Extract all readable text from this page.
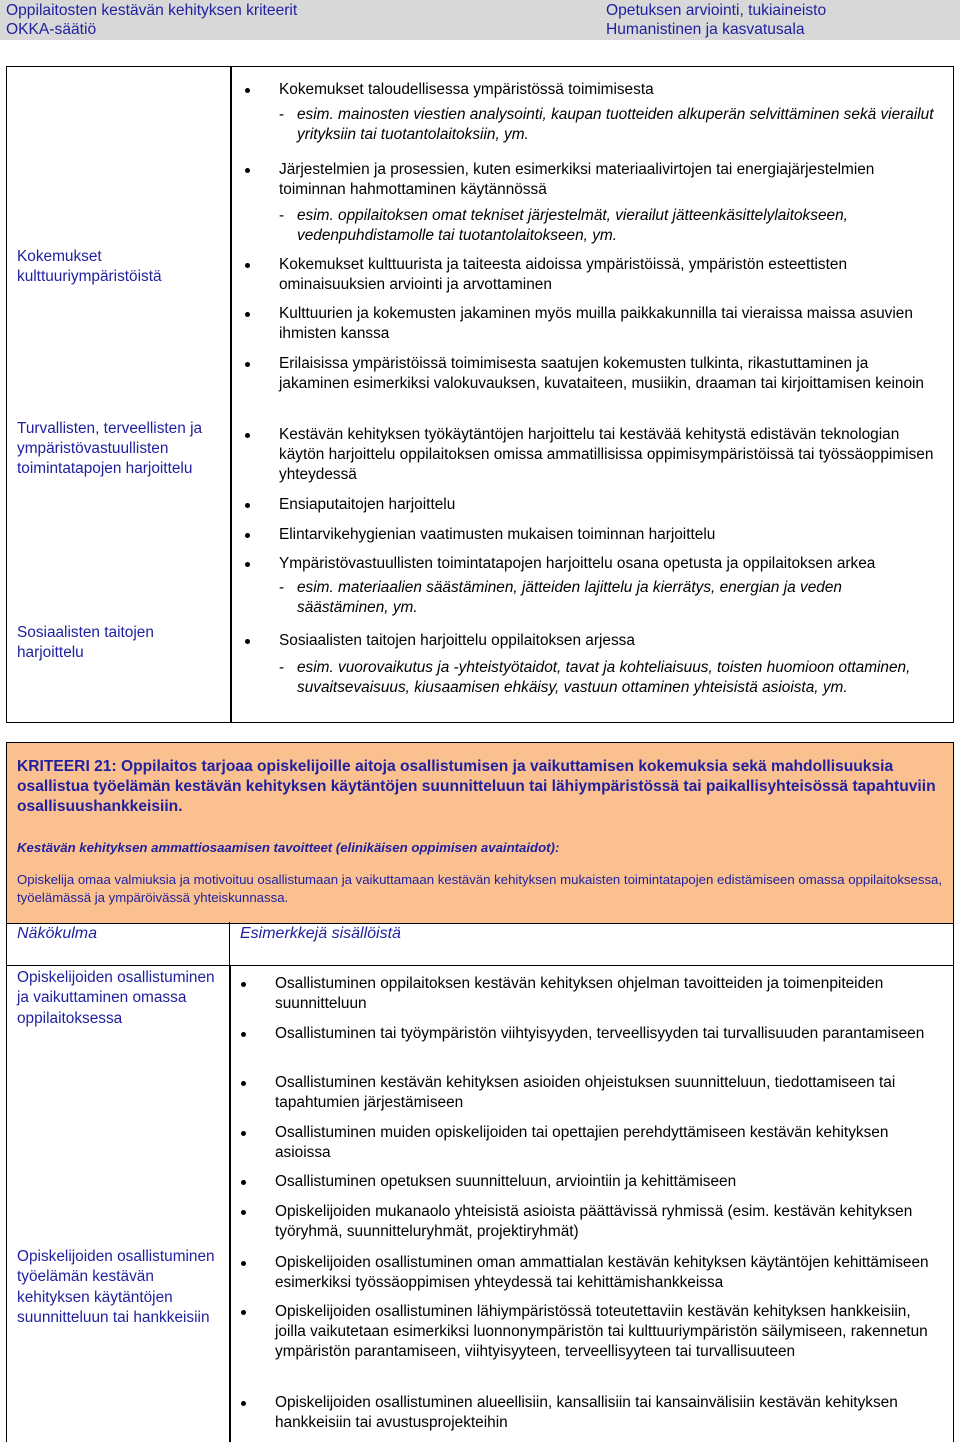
Oppilaitosten kestävän kehityksen kriteerit
OKKA-säätiö
Opetuksen arviointi, tukiaineisto
Humanistinen ja kasvatusala
Kokemukset kulttuuriympäristöistä
Turvallisten, terveellisten ja ympäristövastuullisten toimintatapojen harjoittelu
Sosiaalisten taitojen harjoittelu
Kokemukset taloudellisessa ympäristössä toimimisesta
- esim. mainosten viestien analysointi, kaupan tuotteiden alkuperän selvittäminen sekä vierailut yrityksiin tai tuotantolaitoksiin, ym.
Järjestelmien ja prosessien, kuten esimerkiksi materiaalivirtojen tai energiajärjestelmien toiminnan hahmottaminen käytännössä
- esim. oppilaitoksen omat tekniset järjestelmät, vierailut jätteenkäsittelylaitokseen, vedenpuhdistamolle tai tuotantolaitokseen, ym.
Kokemukset kulttuurista ja taiteesta aidoissa ympäristöissä, ympäristön esteettisten ominaisuuksien arviointi ja arvottaminen
Kulttuurien ja kokemusten jakaminen myös muilla paikkakunnilla tai vieraissa maissa asuvien ihmisten kanssa
Erilaisissa ympäristöissä toimimisesta saatujen kokemusten tulkinta, rikastuttaminen ja jakaminen esimerkiksi valokuvauksen, kuvataiteen, musiikin, draaman tai kirjoittamisen keinoin
Kestävän kehityksen työkäytäntöjen harjoittelu tai kestävää kehitystä edistävän teknologian käytön harjoittelu oppilaitoksen omissa ammatillisissa oppimisympäristöissä tai työssäoppimisen yhteydessä
Ensiaputaitojen harjoittelu
Elintarvikehygienian vaatimusten mukaisen toiminnan harjoittelu
Ympäristövastuullisten toimintatapojen harjoittelu osana opetusta ja oppilaitoksen arkea
- esim. materiaalien säästäminen, jätteiden lajittelu ja kierrätys, energian ja veden säästäminen, ym.
Sosiaalisten taitojen harjoittelu oppilaitoksen arjessa
- esim. vuorovaikutus ja -yhteistyötaidot, tavat ja kohteliaisuus, toisten huomioon ottaminen, suvaitsevaisuus, kiusaamisen ehkäisy, vastuun ottaminen yhteisistä asioista, ym.
KRITEERI 21: Oppilaitos tarjoaa opiskelijoille aitoja osallistumisen ja vaikuttamisen kokemuksia sekä mahdollisuuksia osallistua työelämän kestävän kehityksen käytäntöjen suunnitteluun tai lähiympäristössä tai paikallisyhteisössä tapahtuviin osallisuushankkeisiin.
Kestävän kehityksen ammattiosaamisen tavoitteet (elinikäisen oppimisen avaintaidot):
Opiskelija omaa valmiuksia ja motivoituu osallistumaan ja vaikuttamaan kestävän kehityksen mukaisten toimintatapojen edistämiseen omassa oppilaitoksessa, työelämässä ja ympäröivässä yhteiskunnassa.
Näkökulma	Esimerkkejä sisällöistä
Opiskelijoiden osallistuminen ja vaikuttaminen omassa oppilaitoksessa
Opiskelijoiden osallistuminen työelämän kestävän kehityksen käytäntöjen suunnitteluun tai hankkeisiin
Osallistuminen oppilaitoksen kestävän kehityksen ohjelman tavoitteiden ja toimenpiteiden suunnitteluun
Osallistuminen tai työympäristön viihtyisyyden, terveellisyyden tai turvallisuuden parantamiseen
Osallistuminen kestävän kehityksen asioiden ohjeistuksen suunnitteluun, tiedottamiseen tai tapahtumien järjestämiseen
Osallistuminen muiden opiskelijoiden tai opettajien perehdyttämiseen kestävän kehityksen asioissa
Osallistuminen opetuksen suunnitteluun, arviointiin ja kehittämiseen
Opiskelijoiden mukanaolo yhteisistä asioista päättävissä ryhmissä (esim. kestävän kehityksen työryhmä, suunnitteluryhmät, projektiryhmät)
Opiskelijoiden osallistuminen oman ammattialan kestävän kehityksen käytäntöjen kehittämiseen esimerkiksi työssäoppimisen yhteydessä tai kehittämishankkeissa
Opiskelijoiden osallistuminen lähiympäristössä toteutettaviin kestävän kehityksen hankkeisiin, joilla vaikutetaan esimerkiksi luonnonympäristön tai kulttuuriympäristön säilymiseen, rakennetun ympäristön parantamiseen, viihtyisyyteen, terveellisyyteen tai turvallisuuteen
Opiskelijoiden osallistuminen alueellisiin, kansallisiin tai kansainvälisiin kestävän kehityksen hankkeisiin tai avustusprojekteihin
